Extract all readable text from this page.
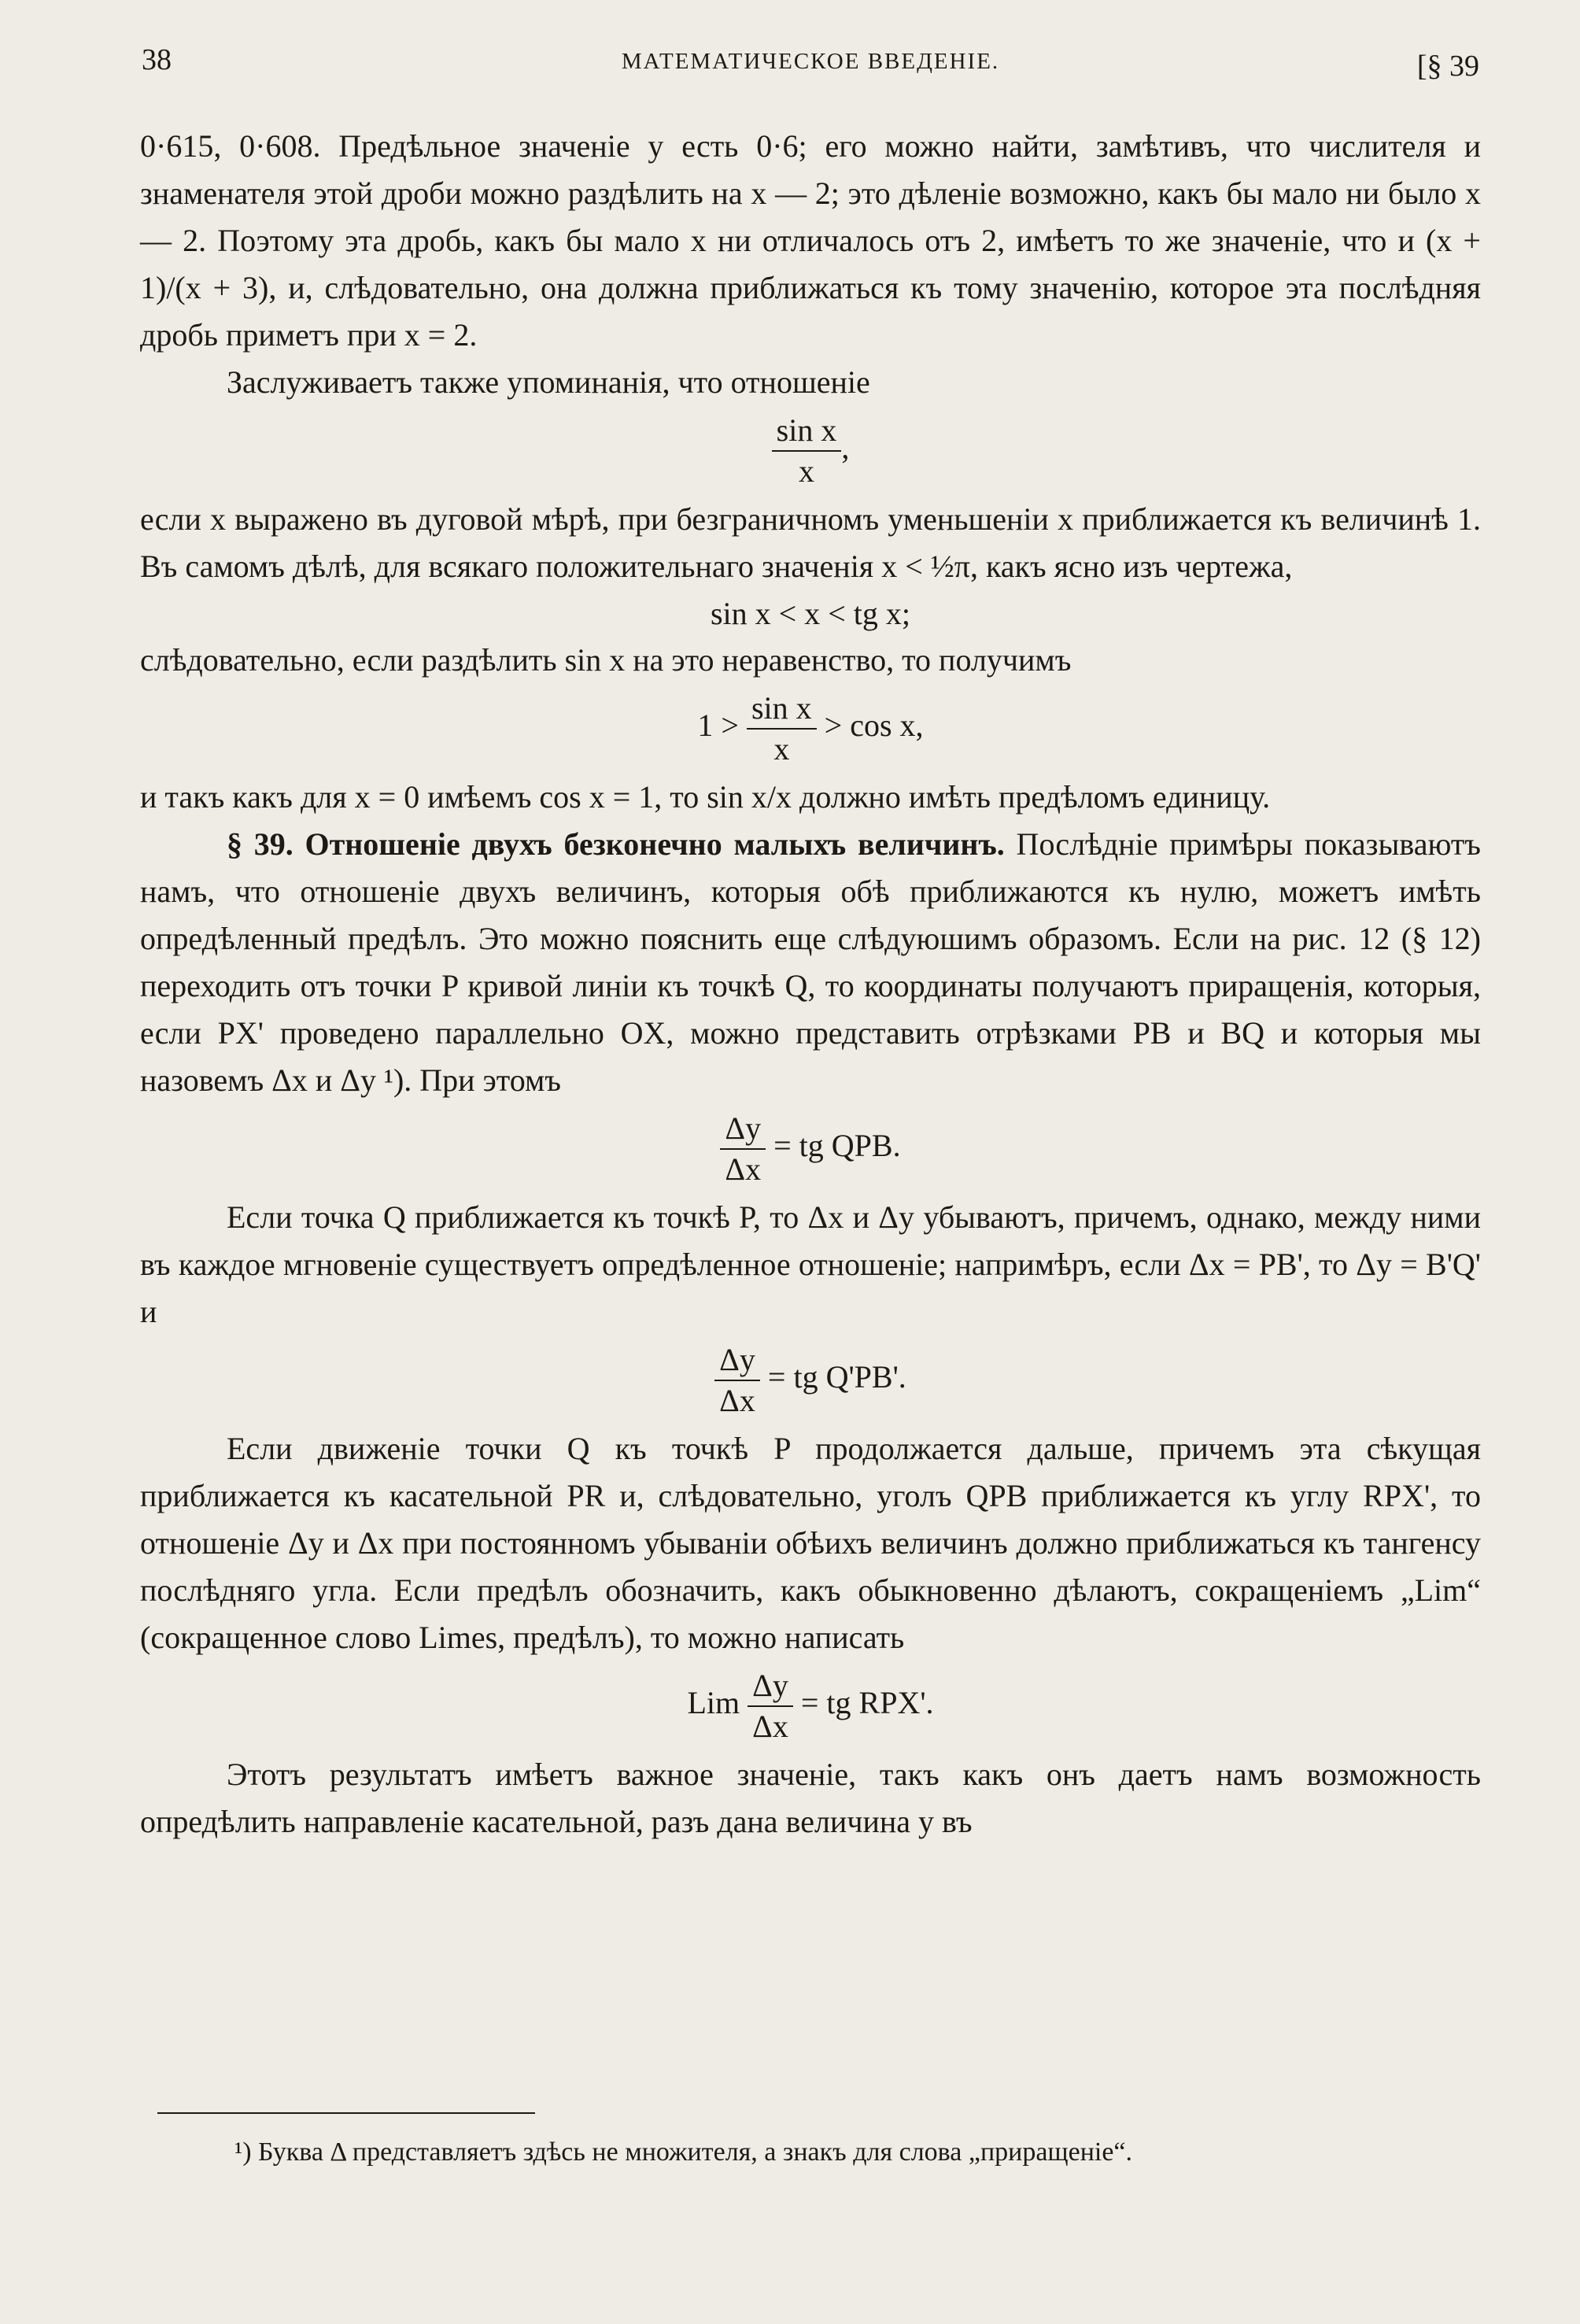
38	МАТЕМАТИЧЕСКОЕ ВВЕДЕНІЕ.	[§ 39

0·615, 0·608. Предѣльное значеніе y есть 0·6; его можно найти, замѣтивъ, что числителя и знаменателя этой дроби можно раздѣлить на x — 2; это дѣленіе возможно, какъ бы мало ни было x — 2. Поэтому эта дробь, какъ бы мало x ни отличалось отъ 2, имѣетъ то же значеніе, что и (x + 1)/(x + 3), и, слѣдовательно, она должна приближаться къ тому значенію, которое эта послѣдняя дробь приметъ при x = 2.

Заслуживаетъ также упоминанія, что отношеніе

$\frac{\text{sin x}}{x}$ ,

если x выражено въ дуговой мѣрѣ, при безграничномъ уменьшеніи x приближается къ величинѣ 1. Въ самомъ дѣлѣ, для всякаго положительнаго значенія x < ½π, какъ ясно изъ чертежа,

sin x < x < tg x;

слѣдовательно, если раздѣлить sin x на это неравенство, то получимъ

$1 > \frac{\text{sin x}}{x} > \cos x$,

и такъ какъ для x = 0 имѣемъ cos x = 1, то sin x/x должно имѣть предѣломъ единицу.

§ 39. Отношеніе двухъ безконечно малыхъ величинъ. Послѣдніе примѣры показываютъ намъ, что отношеніе двухъ величинъ, которыя обѣ приближаются къ нулю, можетъ имѣть опредѣленный предѣлъ. Это можно пояснить еще слѣдуюшимъ образомъ. Если на рис. 12 (§ 12) переходить отъ точки P кривой линіи къ точкѣ Q, то координаты получаютъ приращенія, которыя, если PX' проведено параллельно OX, можно представить отрѣзками PB и BQ и которыя мы назовемъ Δx и Δy ¹). При этомъ

$\frac{\Delta y}{\Delta x}$ = tg QPB.

Если точка Q приближается къ точкѣ P, то Δx и Δy убываютъ, причемъ, однако, между ними въ каждое мгновеніе существуетъ опредѣленное отношеніе; напримѣръ, если Δx = PB', то Δy = B'Q' и

$\frac{\Delta y}{\Delta x}$ = tg Q'PB'.

Если движеніе точки Q къ точкѣ P продолжается дальше, причемъ эта сѣкущая приближается къ касательной PR и, слѣдовательно, уголъ QPB приближается къ углу RPX', то отношеніе Δy и Δx при постоянномъ убываніи обѣихъ величинъ должно приближаться къ тангенсу послѣдняго угла. Если предѣлъ обозначить, какъ обыкновенно дѣлаютъ, сокращеніемъ „Lim“ (сокращенное слово Limes, предѣлъ), то можно написать

Lim $\frac{\Delta y}{\Delta x}$ = tg RPX'.

Этотъ результатъ имѣетъ важное значеніе, такъ какъ онъ даетъ намъ возможность опредѣлить направленіе касательной, разъ дана величина y въ

¹) Буква Δ представляетъ здѣсь не множителя, а знакъ для слова „приращеніе“.
